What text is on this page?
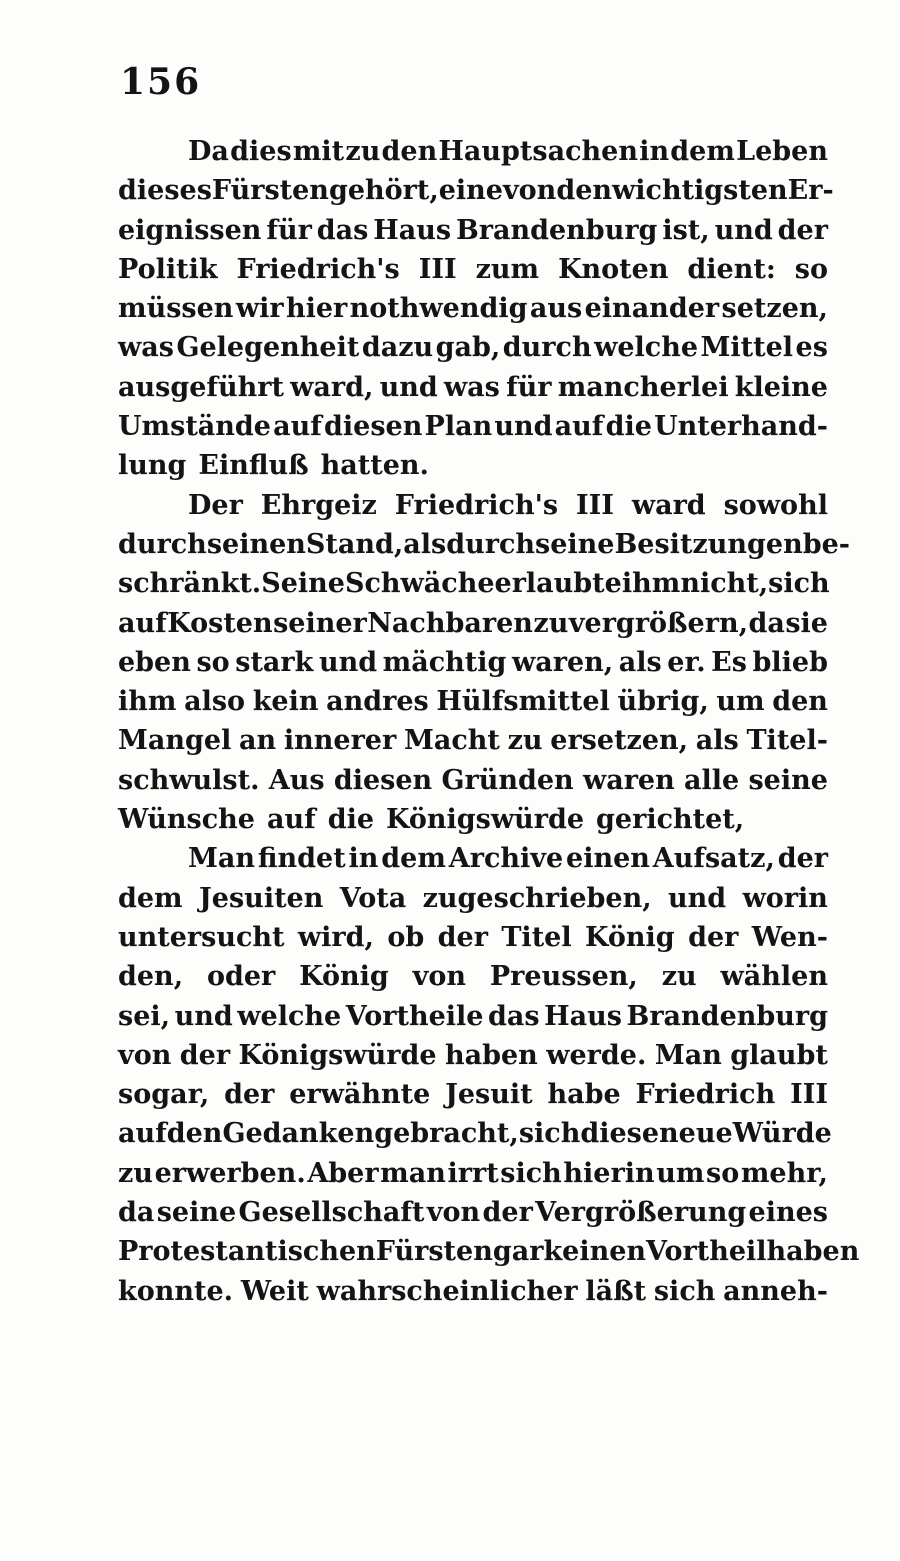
156
Da dies mit zu den Hauptsachen in dem Leben
dieses Fürsten gehört, eine von den wichtigsten Er-
eignissen für das Haus Brandenburg ist, und der
Politik Friedrich's III zum Knoten dient: so
müssen wir hier nothwendig aus einander setzen,
was Gelegenheit dazu gab, durch welche Mittel es
ausgeführt ward, und was für mancherlei kleine
Umstände auf diesen Plan und auf die Unterhand-
lung Einfluß hatten.
Der Ehrgeiz Friedrich's III ward sowohl
durch seinen Stand, als durch seine Besitzungen be-
schränkt. Seine Schwäche erlaubte ihm nicht, sich
auf Kosten seiner Nachbaren zu vergrößern, da sie
eben so stark und mächtig waren, als er. Es blieb
ihm also kein andres Hülfsmittel übrig, um den
Mangel an innerer Macht zu ersetzen, als Titel-
schwulst. Aus diesen Gründen waren alle seine
Wünsche auf die Königswürde gerichtet,
Man findet in dem Archive einen Aufsatz, der
dem Jesuiten Vota zugeschrieben, und worin
untersucht wird, ob der Titel König der Wen-
den, oder König von Preussen, zu wählen
sei, und welche Vortheile das Haus Brandenburg
von der Königswürde haben werde. Man glaubt
sogar, der erwähnte Jesuit habe Friedrich III
auf den Gedanken gebracht, sich diese neue Würde
zu erwerben. Aber man irrt sich hierin um so mehr,
da seine Gesellschaft von der Vergrößerung eines
Protestantischen Fürsten gar keinen Vortheil haben
konnte. Weit wahrscheinlicher läßt sich anneh-
